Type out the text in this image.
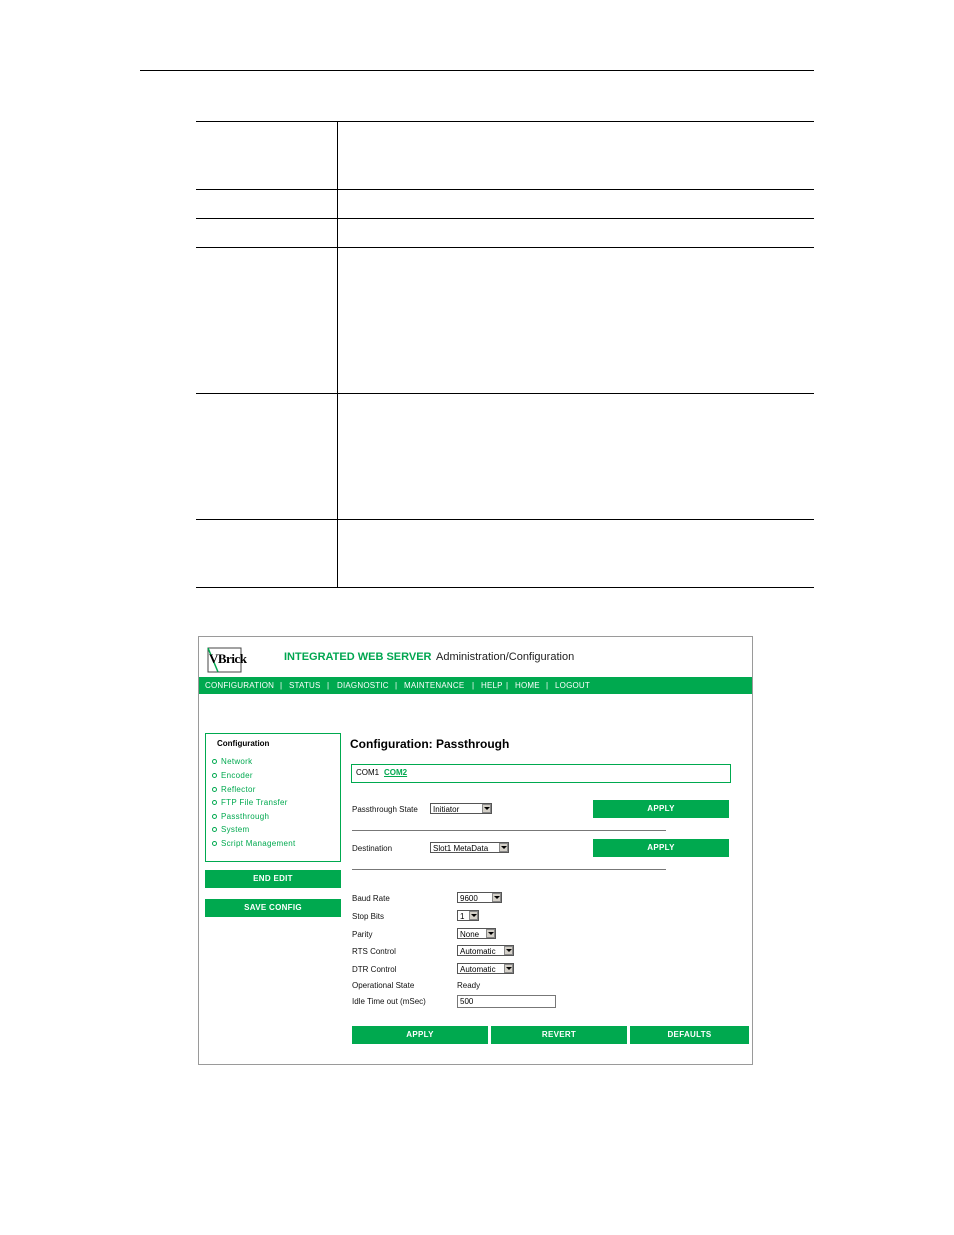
VBrick	INTEGRATED WEB SERVER Administration/Configuration
CONFIGURATION | STATUS | DIAGNOSTIC | MAINTENANCE | HELP | HOME | LOGOUT
Configuration
Network
Encoder
Reflector
FTP File Transfer
Passthrough
System
Script Management
END EDIT
SAVE CONFIG
Configuration: Passthrough
COM1 COM2
Passthrough State	Initiator	APPLY
Destination	Slot1 MetaData	APPLY
Baud Rate	9600
Stop Bits	1
Parity	None
RTS Control	Automatic
DTR Control	Automatic
Operational State	Ready
Idle Time out (mSec)	500
APPLY	REVERT	DEFAULTS
